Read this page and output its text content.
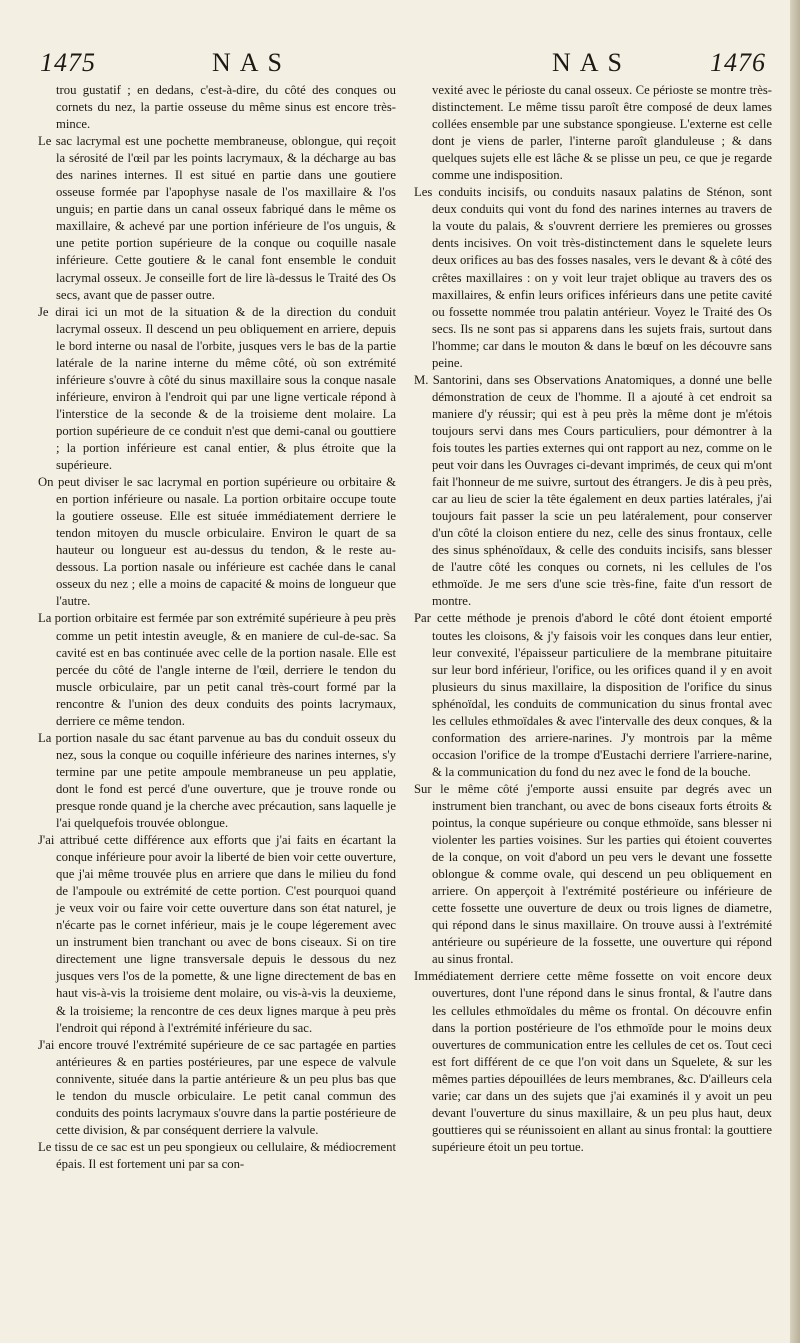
1475	NAS	NAS	1476

trou gustatif ; en dedans, c'est-à-dire, du côté des conques ou cornets du nez, la partie osseuse du même sinus est encore très-mince.

Le sac lacrymal est une pochette membraneuse, oblongue, qui reçoit la sérosité de l'œil par les points lacrymaux, & la décharge au bas des narines internes. Il est situé en partie dans une goutiere osseuse formée par l'apophyse nasale de l'os maxillaire & l'os unguis; en partie dans un canal osseux fabriqué dans le même os maxillaire, & achevé par une portion inférieure de l'os unguis, & une petite portion supérieure de la conque ou coquille nasale inférieure. Cette goutiere & le canal font ensemble le conduit lacrymal osseux. Je conseille fort de lire là-dessus le Traité des Os secs, avant que de passer outre.

Je dirai ici un mot de la situation & de la direction du conduit lacrymal osseux. Il descend un peu obliquement en arriere, depuis le bord interne ou nasal de l'orbite, jusques vers le bas de la partie latérale de la narine interne du même côté, où son extrémité inférieure s'ouvre à côté du sinus maxillaire sous la conque nasale inférieure, environ à l'endroit qui par une ligne verticale répond à l'interstice de la seconde & de la troisieme dent molaire. La portion supérieure de ce conduit n'est que demi-canal ou gouttiere ; la portion inférieure est canal entier, & plus étroite que la supérieure.

On peut diviser le sac lacrymal en portion supérieure ou orbitaire & en portion inférieure ou nasale. La portion orbitaire occupe toute la goutiere osseuse. Elle est située immédiatement derriere le tendon mitoyen du muscle orbiculaire. Environ le quart de sa hauteur ou longueur est au-dessus du tendon, & le reste au-dessous. La portion nasale ou inférieure est cachée dans le canal osseux du nez ; elle a moins de capacité & moins de longueur que l'autre.

La portion orbitaire est fermée par son extrémité supérieure à peu près comme un petit intestin aveugle, & en maniere de cul-de-sac. Sa cavité est en bas continuée avec celle de la portion nasale. Elle est percée du côté de l'angle interne de l'œil, derriere le tendon du muscle orbiculaire, par un petit canal très-court formé par la rencontre & l'union des deux conduits des points lacrymaux, derriere ce même tendon.

La portion nasale du sac étant parvenue au bas du conduit osseux du nez, sous la conque ou coquille inférieure des narines internes, s'y termine par une petite ampoule membraneuse un peu applatie, dont le fond est percé d'une ouverture, que je trouve ronde ou presque ronde quand je la cherche avec précaution, sans laquelle je l'ai quelquefois trouvée oblongue.

J'ai attribué cette différence aux efforts que j'ai faits en écartant la conque inférieure pour avoir la liberté de bien voir cette ouverture, que j'ai même trouvée plus en arriere que dans le milieu du fond de l'ampoule ou extrémité de cette portion. C'est pourquoi quand je veux voir ou faire voir cette ouverture dans son état naturel, je n'écarte pas le cornet inférieur, mais je le coupe légerement avec un instrument bien tranchant ou avec de bons ciseaux. Si on tire directement une ligne transversale depuis le dessous du nez jusques vers l'os de la pomette, & une ligne directement de bas en haut vis-à-vis la troisieme dent molaire, ou vis-à-vis la deuxieme, & la troisieme; la rencontre de ces deux lignes marque à peu près l'endroit qui répond à l'extrémité inférieure du sac.

J'ai encore trouvé l'extrémité supérieure de ce sac partagée en parties antérieures & en parties postérieures, par une espece de valvule connivente, située dans la partie antérieure & un peu plus bas que le tendon du muscle orbiculaire. Le petit canal commun des conduits des points lacrymaux s'ouvre dans la partie postérieure de cette division, & par conséquent derriere la valvule.

Le tissu de ce sac est un peu spongieux ou cellulaire, & médiocrement épais. Il est fortement uni par sa con-

vexité avec le périoste du canal osseux. Ce périoste se montre très-distinctement. Le même tissu paroît être composé de deux lames collées ensemble par une substance spongieuse. L'externe est celle dont je viens de parler, l'interne paroît glanduleuse ; & dans quelques sujets elle est lâche & se plisse un peu, ce que je regarde comme une indisposition.

Les conduits incisifs, ou conduits nasaux palatins de Sténon, sont deux conduits qui vont du fond des narines internes au travers de la voute du palais, & s'ouvrent derriere les premieres ou grosses dents incisives. On voit très-distinctement dans le squelete leurs deux orifices au bas des fosses nasales, vers le devant & à côté des crêtes maxillaires : on y voit leur trajet oblique au travers des os maxillaires, & enfin leurs orifices inférieurs dans une petite cavité ou fossette nommée trou palatin antérieur. Voyez le Traité des Os secs. Ils ne sont pas si apparens dans les sujets frais, surtout dans l'homme; car dans le mouton & dans le bœuf on les découvre sans peine.

M. Santorini, dans ses Observations Anatomiques, a donné une belle démonstration de ceux de l'homme. Il a ajouté à cet endroit sa maniere d'y réussir; qui est à peu près la même dont je m'étois toujours servi dans mes Cours particuliers, pour démontrer à la fois toutes les parties externes qui ont rapport au nez, comme on le peut voir dans les Ouvrages ci-devant imprimés, de ceux qui m'ont fait l'honneur de me suivre, surtout des étrangers. Je dis à peu près, car au lieu de scier la tête également en deux parties latérales, j'ai toujours fait passer la scie un peu latéralement, pour conserver d'un côté la cloison entiere du nez, celle des sinus frontaux, celle des sinus sphénoïdaux, & celle des conduits incisifs, sans blesser de l'autre côté les conques ou cornets, ni les cellules de l'os ethmoïde. Je me sers d'une scie très-fine, faite d'un ressort de montre.

Par cette méthode je prenois d'abord le côté dont étoient emporté toutes les cloisons, & j'y faisois voir les conques dans leur entier, leur convexité, l'épaisseur particuliere de la membrane pituitaire sur leur bord inférieur, l'orifice, ou les orifices quand il y en avoit plusieurs du sinus maxillaire, la disposition de l'orifice du sinus sphénoïdal, les conduits de communication du sinus frontal avec les cellules ethmoïdales & avec l'intervalle des deux conques, & la conformation des arriere-narines. J'y montrois par la même occasion l'orifice de la trompe d'Eustachi derriere l'arriere-narine, & la communication du fond du nez avec le fond de la bouche.

Sur le même côté j'emporte aussi ensuite par degrés avec un instrument bien tranchant, ou avec de bons ciseaux forts étroits & pointus, la conque supérieure ou conque ethmoïde, sans blesser ni violenter les parties voisines. Sur les parties qui étoient couvertes de la conque, on voit d'abord un peu vers le devant une fossette oblongue & comme ovale, qui descend un peu obliquement en arriere. On apperçoit à l'extrémité postérieure ou inférieure de cette fossette une ouverture de deux ou trois lignes de diametre, qui répond dans le sinus maxillaire. On trouve aussi à l'extrémité antérieure ou supérieure de la fossette, une ouverture qui répond au sinus frontal.

Immédiatement derriere cette même fossette on voit encore deux ouvertures, dont l'une répond dans le sinus frontal, & l'autre dans les cellules ethmoïdales du même os frontal. On découvre enfin dans la portion postérieure de l'os ethmoïde pour le moins deux ouvertures de communication entre les cellules de cet os. Tout ceci est fort différent de ce que l'on voit dans un Squelete, & sur les mêmes parties dépouillées de leurs membranes, &c. D'ailleurs cela varie; car dans un des sujets que j'ai examinés il y avoit un peu devant l'ouverture du sinus maxillaire, & un peu plus haut, deux gouttieres qui se réunissoient en allant au sinus frontal: la gouttiere supérieure étoit un peu tortue.
